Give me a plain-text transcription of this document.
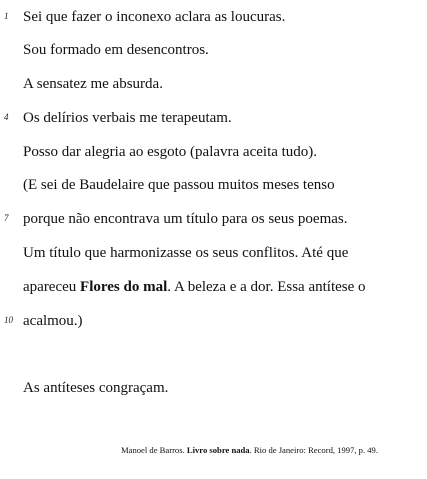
1 Sei que fazer o inconexo aclara as loucuras.
Sou formado em desencontros.
A sensatez me absurda.
4 Os delírios verbais me terapeutam.
Posso dar alegria ao esgoto (palavra aceita tudo).
(E sei de Baudelaire que passou muitos meses tenso
7 porque não encontrava um título para os seus poemas.
Um título que harmonizasse os seus conflitos. Até que
apareceu Flores do mal. A beleza e a dor. Essa antítese o
10 acalmou.)
As antíteses congraçam.
Manoel de Barros. Livro sobre nada. Rio de Janeiro: Record, 1997, p. 49.
